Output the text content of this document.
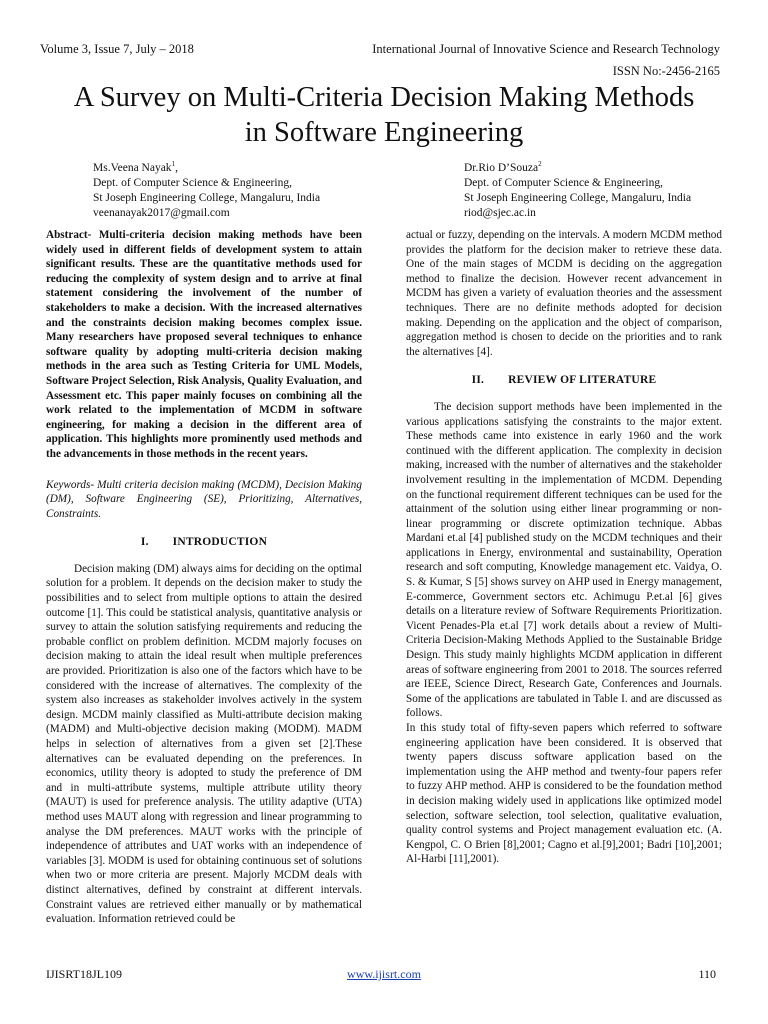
Volume 3, Issue 7, July – 2018	International Journal of Innovative Science and Research Technology
ISSN No:-2456-2165
A Survey on Multi-Criteria Decision Making Methods
in Software Engineering
Ms.Veena Nayak$^1$,
Dept. of Computer Science & Engineering,
St Joseph Engineering College, Mangaluru, India
veenanayak2017@gmail.com
Dr.Rio D’Souza$^2$
Dept. of Computer Science & Engineering,
St Joseph Engineering College, Mangaluru, India
riod@sjec.ac.in

Abstract- Multi-criteria decision making methods have been widely used in different fields of development system to attain significant results. These are the quantitative methods used for reducing the complexity of system design and to arrive at final statement considering the involvement of the number of stakeholders to make a decision. With the increased alternatives and the constraints decision making becomes complex issue. Many researchers have proposed several techniques to enhance software quality by adopting multi-criteria decision making methods in the area such as Testing Criteria for UML Models, Software Project Selection, Risk Analysis, Quality Evaluation, and Assessment etc. This paper mainly focuses on combining all the work related to the implementation of MCDM in software engineering, for making a decision in the different area of application. This highlights more prominently used methods and the advancements in those methods in the recent years.

Keywords- Multi criteria decision making (MCDM), Decision Making (DM), Software Engineering (SE), Prioritizing, Alternatives, Constraints.

I. INTRODUCTION

Decision making (DM) always aims for deciding on the optimal solution for a problem. It depends on the decision maker to study the possibilities and to select from multiple options to attain the desired outcome [1]. This could be statistical analysis, quantitative analysis or survey to attain the solution satisfying requirements and reducing the probable conflict on problem definition. MCDM majorly focuses on decision making to attain the ideal result when multiple preferences are provided. Prioritization is also one of the factors which have to be considered with the increase of alternatives. The complexity of the system also increases as stakeholder involves actively in the system design. MCDM mainly classified as Multi-attribute decision making (MADM) and Multi-objective decision making (MODM). MADM helps in selection of alternatives from a given set [2].These alternatives can be evaluated depending on the preferences. In economics, utility theory is adopted to study the preference of DM and in multi-attribute systems, multiple attribute utility theory (MAUT) is used for preference analysis. The utility adaptive (UTA) method uses MAUT along with regression and linear programming to analyse the DM preferences. MAUT works with the principle of independence of attributes and UAT works with an independence of variables [3]. MODM is used for obtaining continuous set of solutions when two or more criteria are present. Majorly MCDM deals with distinct alternatives, defined by constraint at different intervals. Constraint values are retrieved either manually or by mathematical evaluation. Information retrieved could be

actual or fuzzy, depending on the intervals. A modern MCDM method provides the platform for the decision maker to retrieve these data. One of the main stages of MCDM is deciding on the aggregation method to finalize the decision. However recent advancement in MCDM has given a variety of evaluation theories and the assessment techniques. There are no definite methods adopted for decision making. Depending on the application and the object of comparison, aggregation method is chosen to decide on the priorities and to rank the alternatives [4].

II. REVIEW OF LITERATURE

The decision support methods have been implemented in the various applications satisfying the constraints to the major extent. These methods came into existence in early 1960 and the work continued with the different application. The complexity in decision making, increased with the number of alternatives and the stakeholder involvement resulting in the implementation of MCDM. Depending on the functional requirement different techniques can be used for the attainment of the solution using either linear programming or non-linear programming or discrete optimization technique. Abbas Mardani et.al [4] published study on the MCDM techniques and their applications in Energy, environmental and sustainability, Operation research and soft computing, Knowledge management etc. Vaidya, O. S. & Kumar, S [5] shows survey on AHP used in Energy management, E-commerce, Government sectors etc. Achimugu P.et.al [6] gives details on a literature review of Software Requirements Prioritization. Vicent Penades-Pla et.al [7] work details about a review of Multi-Criteria Decision-Making Methods Applied to the Sustainable Bridge Design. This study mainly highlights MCDM application in different areas of software engineering from 2001 to 2018. The sources referred are IEEE, Science Direct, Research Gate, Conferences and Journals. Some of the applications are tabulated in Table I. and are discussed as follows.

In this study total of fifty-seven papers which referred to software engineering application have been considered. It is observed that twenty papers discuss software application based on the implementation using the AHP method and twenty-four papers refer to fuzzy AHP method. AHP is considered to be the foundation method in decision making widely used in applications like optimized model selection, software selection, tool selection, qualitative evaluation, quality control systems and Project management evaluation etc. (A. Kengpol, C. O Brien [8],2001; Cagno et al.[9],2001; Badri [10],2001; Al-Harbi [11],2001).

IJISRT18JL109	www.ijisrt.com	110
